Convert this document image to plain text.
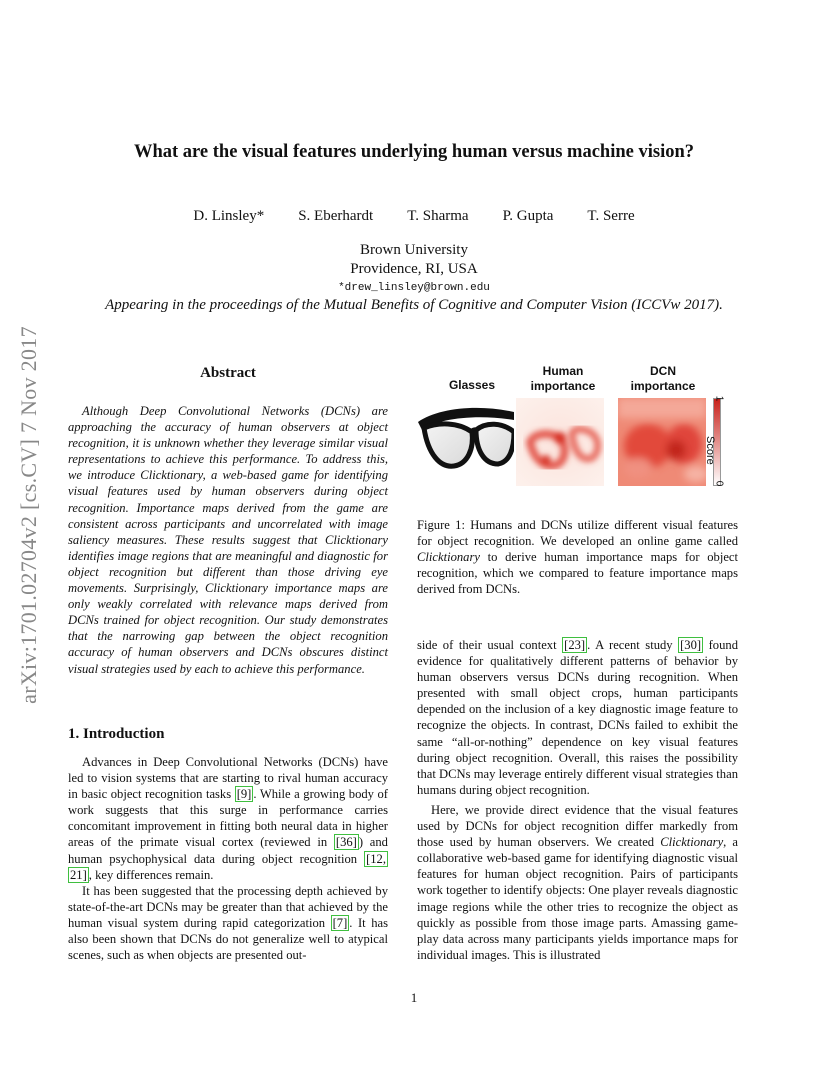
arXiv:1701.02704v2 [cs.CV] 7 Nov 2017
What are the visual features underlying human versus machine vision?
D. Linsley* S. Eberhardt T. Sharma P. Gupta T. Serre
Brown University
Providence, RI, USA
*drew_linsley@brown.edu
Appearing in the proceedings of the Mutual Benefits of Cognitive and Computer Vision (ICCVw 2017).
Abstract

Although Deep Convolutional Networks (DCNs) are approaching the accuracy of human observers at object recognition, it is unknown whether they leverage similar visual representations to achieve this performance. To address this, we introduce Clicktionary, a web-based game for identifying visual features used by human observers during object recognition. Importance maps derived from the game are consistent across participants and uncorrelated with image saliency measures. These results suggest that Clicktionary identifies image regions that are meaningful and diagnostic for object recognition but different than those driving eye movements. Surprisingly, Clicktionary importance maps are only weakly correlated with relevance maps derived from DCNs trained for object recognition. Our study demonstrates that the narrowing gap between the object recognition accuracy of human observers and DCNs obscures distinct visual strategies used by each to achieve this performance.

1. Introduction

Advances in Deep Convolutional Networks (DCNs) have led to vision systems that are starting to rival human accuracy in basic object recognition tasks [9] . While a growing body of work suggests that this surge in performance carries concomitant improvement in fitting both neural data in higher areas of the primate visual cortex (reviewed in [36] ) and human psychophysical data during object recognition [12, 21] , key differences remain.

It has been suggested that the processing depth achieved by state-of-the-art DCNs may be greater than that achieved by the human visual system during rapid categorization [7] . It has also been shown that DCNs do not generalize well to atypical scenes, such as when objects are presented out-

Glasses
Human
importance
DCN
importance
1
0
Score

Figure 1: Humans and DCNs utilize different visual features for object recognition. We developed an online game called Clicktionary to derive human importance maps for object recognition, which we compared to feature importance maps derived from DCNs.

side of their usual context [23] . A recent study [30] found evidence for qualitatively different patterns of behavior by human observers versus DCNs during recognition. When presented with small object crops, human participants depended on the inclusion of a key diagnostic image feature to recognize the objects. In contrast, DCNs failed to exhibit the same “all-or-nothing” dependence on key visual features during object recognition. Overall, this raises the possibility that DCNs may leverage entirely different visual strategies than humans during object recognition.

Here, we provide direct evidence that the visual features used by DCNs for object recognition differ markedly from those used by human observers. We created Clicktionary, a collaborative web-based game for identifying diagnostic visual features for human object recognition. Pairs of participants work together to identify objects: One player reveals diagnostic image regions while the other tries to recognize the object as quickly as possible from those image parts. Amassing game-play data across many participants yields importance maps for individual images. This is illustrated

1
